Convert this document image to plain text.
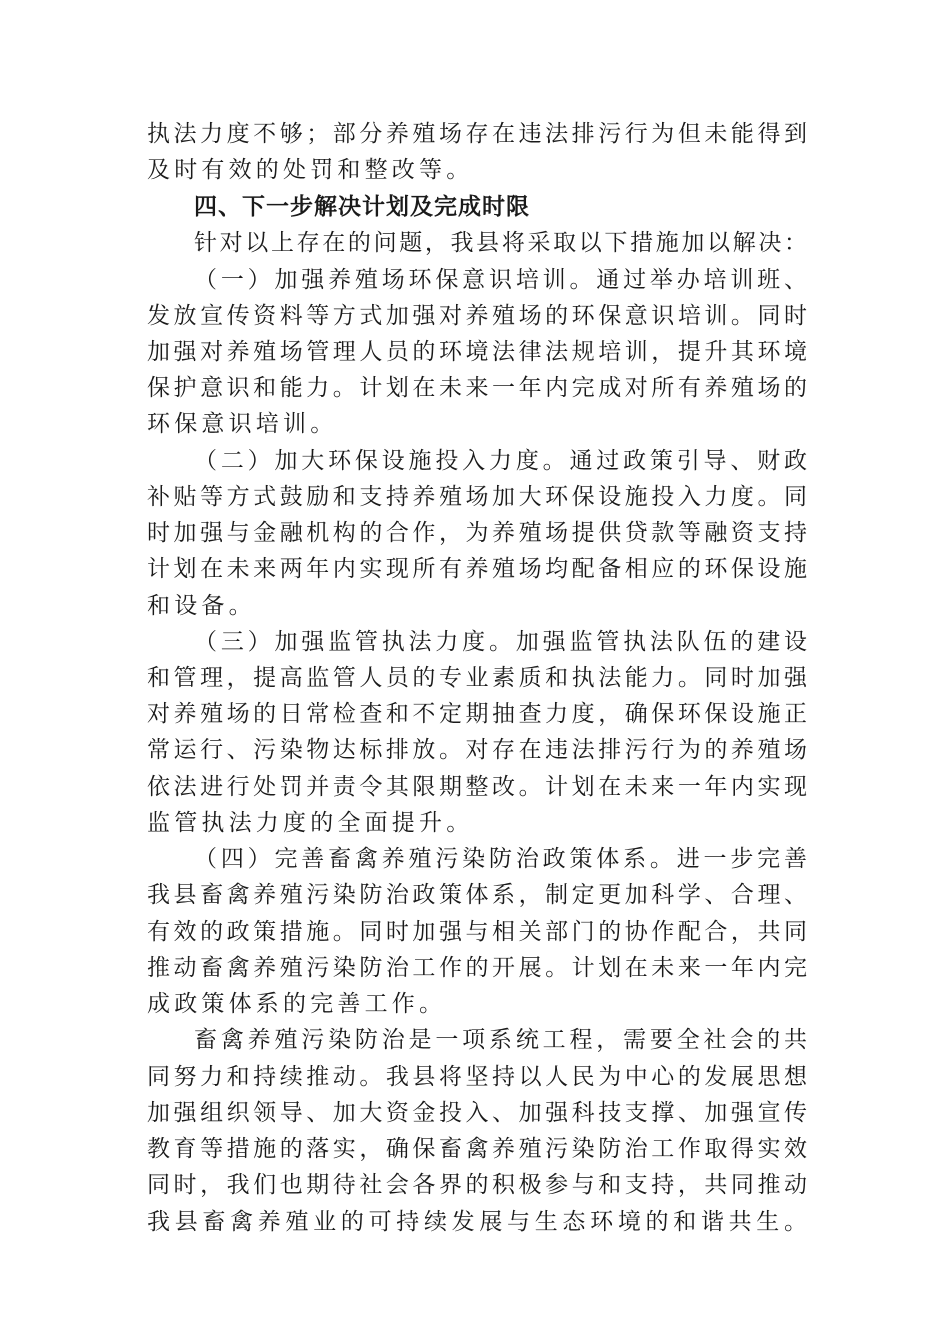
执法力度不够；部分养殖场存在违法排污行为但未能得到
及时有效的处罚和整改等。
四、下一步解决计划及完成时限
针对以上存在的问题，我县将采取以下措施加以解决：
（一）加强养殖场环保意识培训。通过举办培训班、
发放宣传资料等方式加强对养殖场的环保意识培训。同时
加强对养殖场管理人员的环境法律法规培训，提升其环境
保护意识和能力。计划在未来一年内完成对所有养殖场的
环保意识培训。
（二）加大环保设施投入力度。通过政策引导、财政
补贴等方式鼓励和支持养殖场加大环保设施投入力度。同
时加强与金融机构的合作，为养殖场提供贷款等融资支持
计划在未来两年内实现所有养殖场均配备相应的环保设施
和设备。
（三）加强监管执法力度。加强监管执法队伍的建设
和管理，提高监管人员的专业素质和执法能力。同时加强
对养殖场的日常检查和不定期抽查力度，确保环保设施正
常运行、污染物达标排放。对存在违法排污行为的养殖场
依法进行处罚并责令其限期整改。计划在未来一年内实现
监管执法力度的全面提升。
（四）完善畜禽养殖污染防治政策体系。进一步完善
我县畜禽养殖污染防治政策体系，制定更加科学、合理、
有效的政策措施。同时加强与相关部门的协作配合，共同
推动畜禽养殖污染防治工作的开展。计划在未来一年内完
成政策体系的完善工作。
畜禽养殖污染防治是一项系统工程，需要全社会的共
同努力和持续推动。我县将坚持以人民为中心的发展思想
加强组织领导、加大资金投入、加强科技支撑、加强宣传
教育等措施的落实，确保畜禽养殖污染防治工作取得实效
同时，我们也期待社会各界的积极参与和支持，共同推动
我县畜禽养殖业的可持续发展与生态环境的和谐共生。
